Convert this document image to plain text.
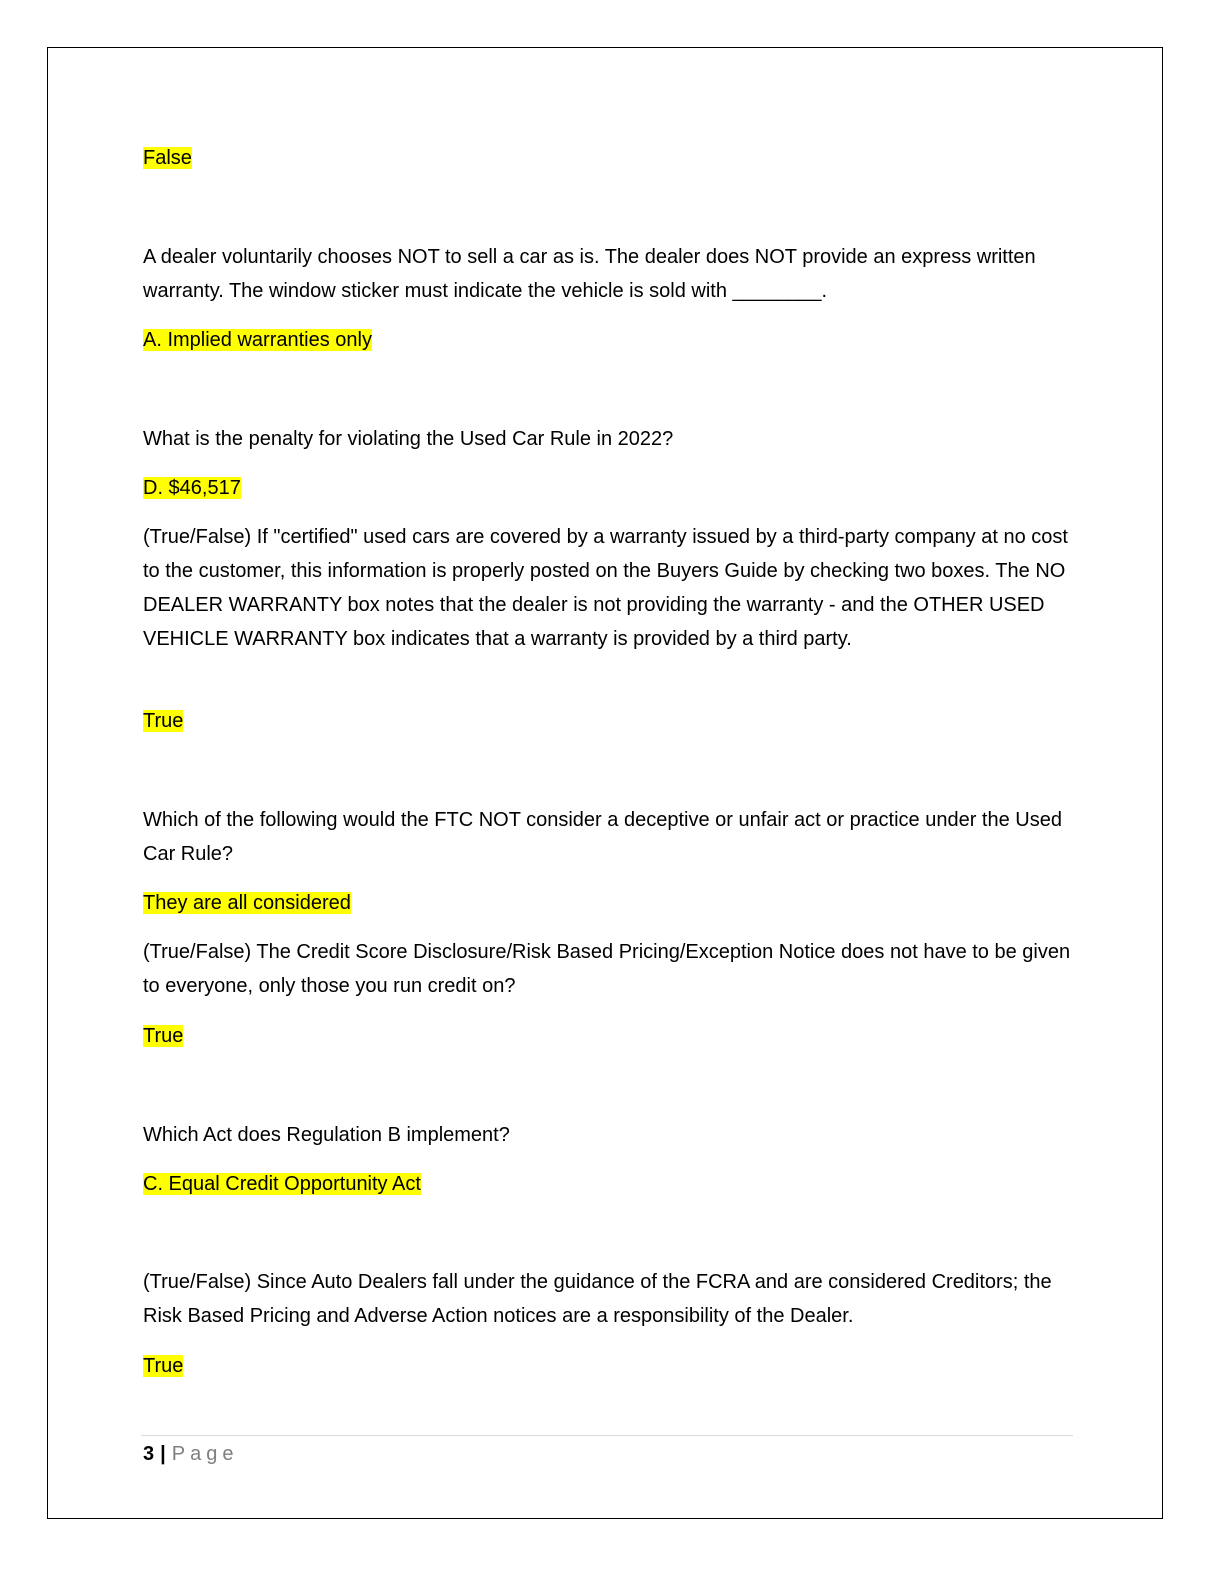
False

A dealer voluntarily chooses NOT to sell a car as is. The dealer does NOT provide an express written warranty. The window sticker must indicate the vehicle is sold with ________.

A. Implied warranties only

What is the penalty for violating the Used Car Rule in 2022?

D. $46,517

(True/False) If "certified" used cars are covered by a warranty issued by a third-party company at no cost to the customer, this information is properly posted on the Buyers Guide by checking two boxes. The NO DEALER WARRANTY box notes that the dealer is not providing the warranty - and the OTHER USED VEHICLE WARRANTY box indicates that a warranty is provided by a third party.

True

Which of the following would the FTC NOT consider a deceptive or unfair act or practice under the Used Car Rule?

They are all considered

(True/False) The Credit Score Disclosure/Risk Based Pricing/Exception Notice does not have to be given to everyone, only those you run credit on?

True

Which Act does Regulation B implement?

C. Equal Credit Opportunity Act

(True/False) Since Auto Dealers fall under the guidance of the FCRA and are considered Creditors; the Risk Based Pricing and Adverse Action notices are a responsibility of the Dealer.

True

3 | Page
